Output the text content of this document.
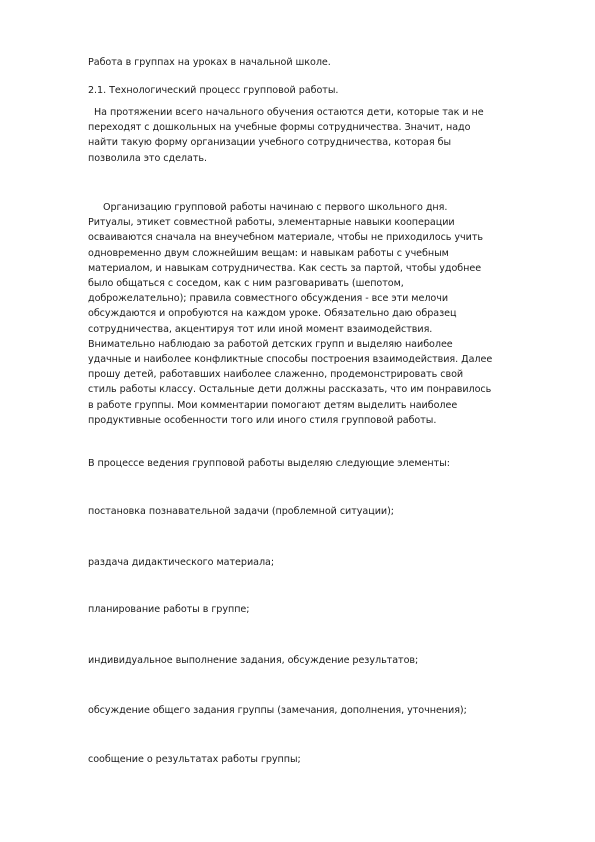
Работа в группах на уроках в начальной школе.
2.1. Технологический процесс групповой работы.
На протяжении всего начального обучения остаются дети, которые так и не
переходят с дошкольных на учебные формы сотрудничества. Значит, надо
найти такую форму организации учебного сотрудничества, которая бы
позволила это сделать.
Организацию групповой работы начинаю с первого школьного дня.
Ритуалы, этикет совместной работы, элементарные навыки кооперации
осваиваются сначала на внеучебном материале, чтобы не приходилось учить
одновременно двум сложнейшим вещам: и навыкам работы с учебным
материалом, и навыкам сотрудничества. Как сесть за партой, чтобы удобнее
было общаться с соседом, как с ним разговаривать (шепотом,
доброжелательно); правила совместного обсуждения - все эти мелочи
обсуждаются и опробуются на каждом уроке. Обязательно даю образец
сотрудничества, акцентируя тот или иной момент взаимодействия.
Внимательно наблюдаю за работой детских групп и выделяю наиболее
удачные и наиболее конфликтные способы построения взаимодействия. Далее
прошу детей, работавших наиболее слаженно, продемонстрировать свой
стиль работы классу. Остальные дети должны рассказать, что им понравилось
в работе группы. Мои комментарии помогают детям выделить наиболее
продуктивные особенности того или иного стиля групповой работы.
В процессе ведения групповой работы выделяю следующие элементы:
постановка познавательной задачи (проблемной ситуации);
раздача дидактического материала;
планирование работы в группе;
индивидуальное выполнение задания, обсуждение результатов;
обсуждение общего задания группы (замечания, дополнения, уточнения);
сообщение о результатах работы группы;
